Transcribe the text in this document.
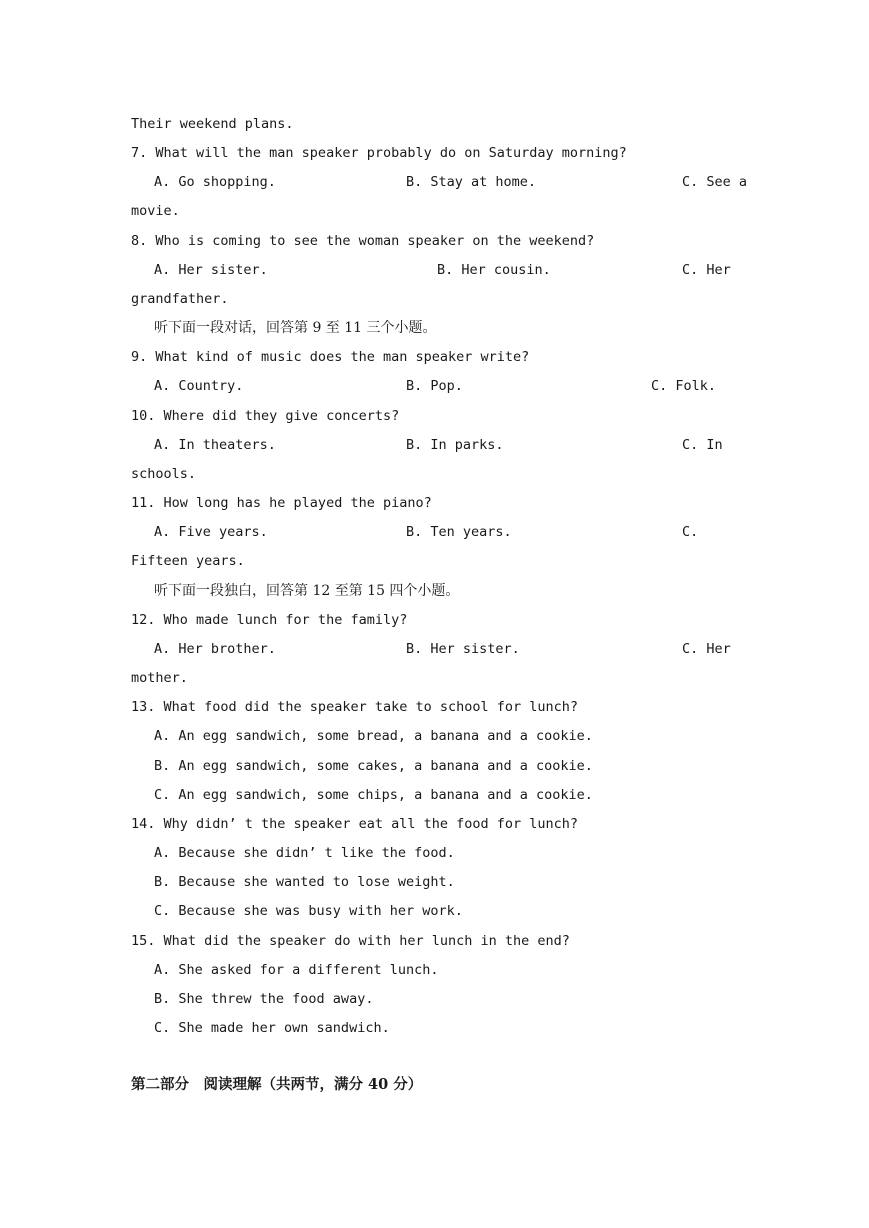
Their weekend plans.
7. What will the man speaker probably do on Saturday morning?
A. Go shopping.	B. Stay at home.	C. See a
movie.
8. Who is coming to see the woman speaker on the weekend?
A. Her sister.	B. Her cousin.	C. Her
grandfather.
听下面一段对话，回答第 9 至 11 三个小题。
9. What kind of music does the man speaker write?
A. Country.	B. Pop.	C. Folk.
10. Where did they give concerts?
A. In theaters.	B. In parks.	C. In
schools.
11. How long has he played the piano?
A. Five years.	B. Ten years.	C.
Fifteen years.
听下面一段独白，回答第 12 至第 15 四个小题。
12. Who made lunch for the family?
A. Her brother.	B. Her sister.	C. Her
mother.
13. What food did the speaker take to school for lunch?
A. An egg sandwich, some bread, a banana and a cookie.
B. An egg sandwich, some cakes, a banana and a cookie.
C. An egg sandwich, some chips, a banana and a cookie.
14. Why didn’ t the speaker eat all the food for lunch?
A. Because she didn’ t like the food.
B. Because she wanted to lose weight.
C. Because she was busy with her work.
15. What did the speaker do with her lunch in the end?
A. She asked for a different lunch.
B. She threw the food away.
C. She made her own sandwich.
第二部分　阅读理解（共两节，满分 40 分）
